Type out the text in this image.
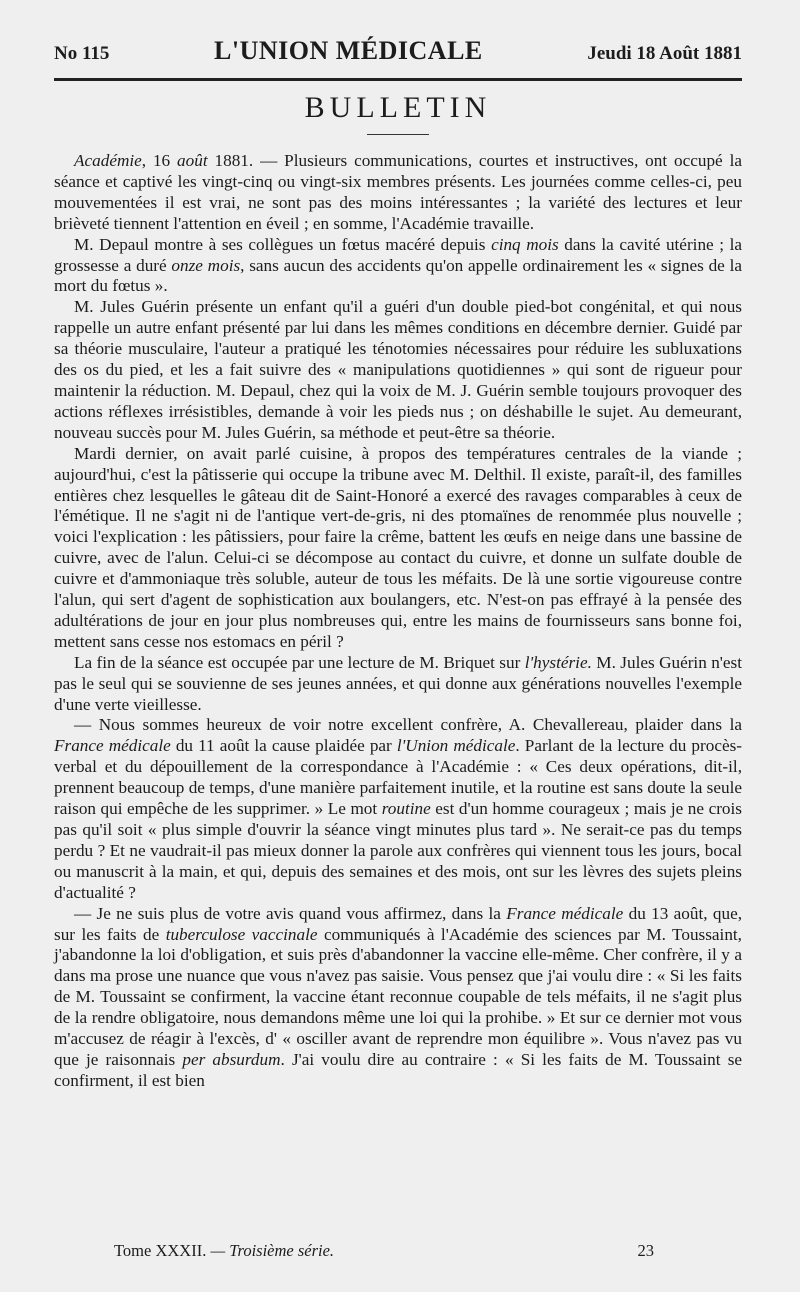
No 115	L'UNION MÉDICALE	Jeudi 18 Août 1881
BULLETIN

Académie, 16 août 1881. — Plusieurs communications, courtes et instructives, ont occupé la séance et captivé les vingt-cinq ou vingt-six membres présents. Les journées comme celles-ci, peu mouvementées il est vrai, ne sont pas des moins intéressantes ; la variété des lectures et leur brièveté tiennent l'attention en éveil ; en somme, l'Académie travaille.

M. Depaul montre à ses collègues un fœtus macéré depuis cinq mois dans la cavité utérine ; la grossesse a duré onze mois, sans aucun des accidents qu'on appelle ordinairement les « signes de la mort du fœtus ».

M. Jules Guérin présente un enfant qu'il a guéri d'un double pied-bot congénital, et qui nous rappelle un autre enfant présenté par lui dans les mêmes conditions en décembre dernier. Guidé par sa théorie musculaire, l'auteur a pratiqué les ténotomies nécessaires pour réduire les subluxations des os du pied, et les a fait suivre des « manipulations quotidiennes » qui sont de rigueur pour maintenir la réduction. M. Depaul, chez qui la voix de M. J. Guérin semble toujours provoquer des actions réflexes irrésistibles, demande à voir les pieds nus ; on déshabille le sujet. Au demeurant, nouveau succès pour M. Jules Guérin, sa méthode et peut-être sa théorie.

Mardi dernier, on avait parlé cuisine, à propos des températures centrales de la viande ; aujourd'hui, c'est la pâtisserie qui occupe la tribune avec M. Delthil. Il existe, paraît-il, des familles entières chez lesquelles le gâteau dit de Saint-Honoré a exercé des ravages comparables à ceux de l'émétique. Il ne s'agit ni de l'antique vert-de-gris, ni des ptomaïnes de renommée plus nouvelle ; voici l'explication : les pâtissiers, pour faire la crême, battent les œufs en neige dans une bassine de cuivre, avec de l'alun. Celui-ci se décompose au contact du cuivre, et donne un sulfate double de cuivre et d'ammoniaque très soluble, auteur de tous les méfaits. De là une sortie vigoureuse contre l'alun, qui sert d'agent de sophistication aux boulangers, etc. N'est-on pas effrayé à la pensée des adultérations de jour en jour plus nombreuses qui, entre les mains de fournisseurs sans bonne foi, mettent sans cesse nos estomacs en péril ?

La fin de la séance est occupée par une lecture de M. Briquet sur l'hystérie. M. Jules Guérin n'est pas le seul qui se souvienne de ses jeunes années, et qui donne aux générations nouvelles l'exemple d'une verte vieillesse.

— Nous sommes heureux de voir notre excellent confrère, A. Chevallereau, plaider dans la France médicale du 11 août la cause plaidée par l'Union médicale. Parlant de la lecture du procès-verbal et du dépouillement de la correspondance à l'Académie : « Ces deux opérations, dit-il, prennent beaucoup de temps, d'une manière parfaitement inutile, et la routine est sans doute la seule raison qui empêche de les supprimer. » Le mot routine est d'un homme courageux ; mais je ne crois pas qu'il soit « plus simple d'ouvrir la séance vingt minutes plus tard ». Ne serait-ce pas du temps perdu ? Et ne vaudrait-il pas mieux donner la parole aux confrères qui viennent tous les jours, bocal ou manuscrit à la main, et qui, depuis des semaines et des mois, ont sur les lèvres des sujets pleins d'actualité ?

— Je ne suis plus de votre avis quand vous affirmez, dans la France médicale du 13 août, que, sur les faits de tuberculose vaccinale communiqués à l'Académie des sciences par M. Toussaint, j'abandonne la loi d'obligation, et suis près d'abandonner la vaccine elle-même. Cher confrère, il y a dans ma prose une nuance que vous n'avez pas saisie. Vous pensez que j'ai voulu dire : « Si les faits de M. Toussaint se confirment, la vaccine étant reconnue coupable de tels méfaits, il ne s'agit plus de la rendre obligatoire, nous demandons même une loi qui la prohibe. » Et sur ce dernier mot vous m'accusez de réagir à l'excès, d' « osciller avant de reprendre mon équilibre ». Vous n'avez pas vu que je raisonnais per absurdum. J'ai voulu dire au contraire : « Si les faits de M. Toussaint se confirment, il est bien

Tome XXXII. — Troisième série.	23
